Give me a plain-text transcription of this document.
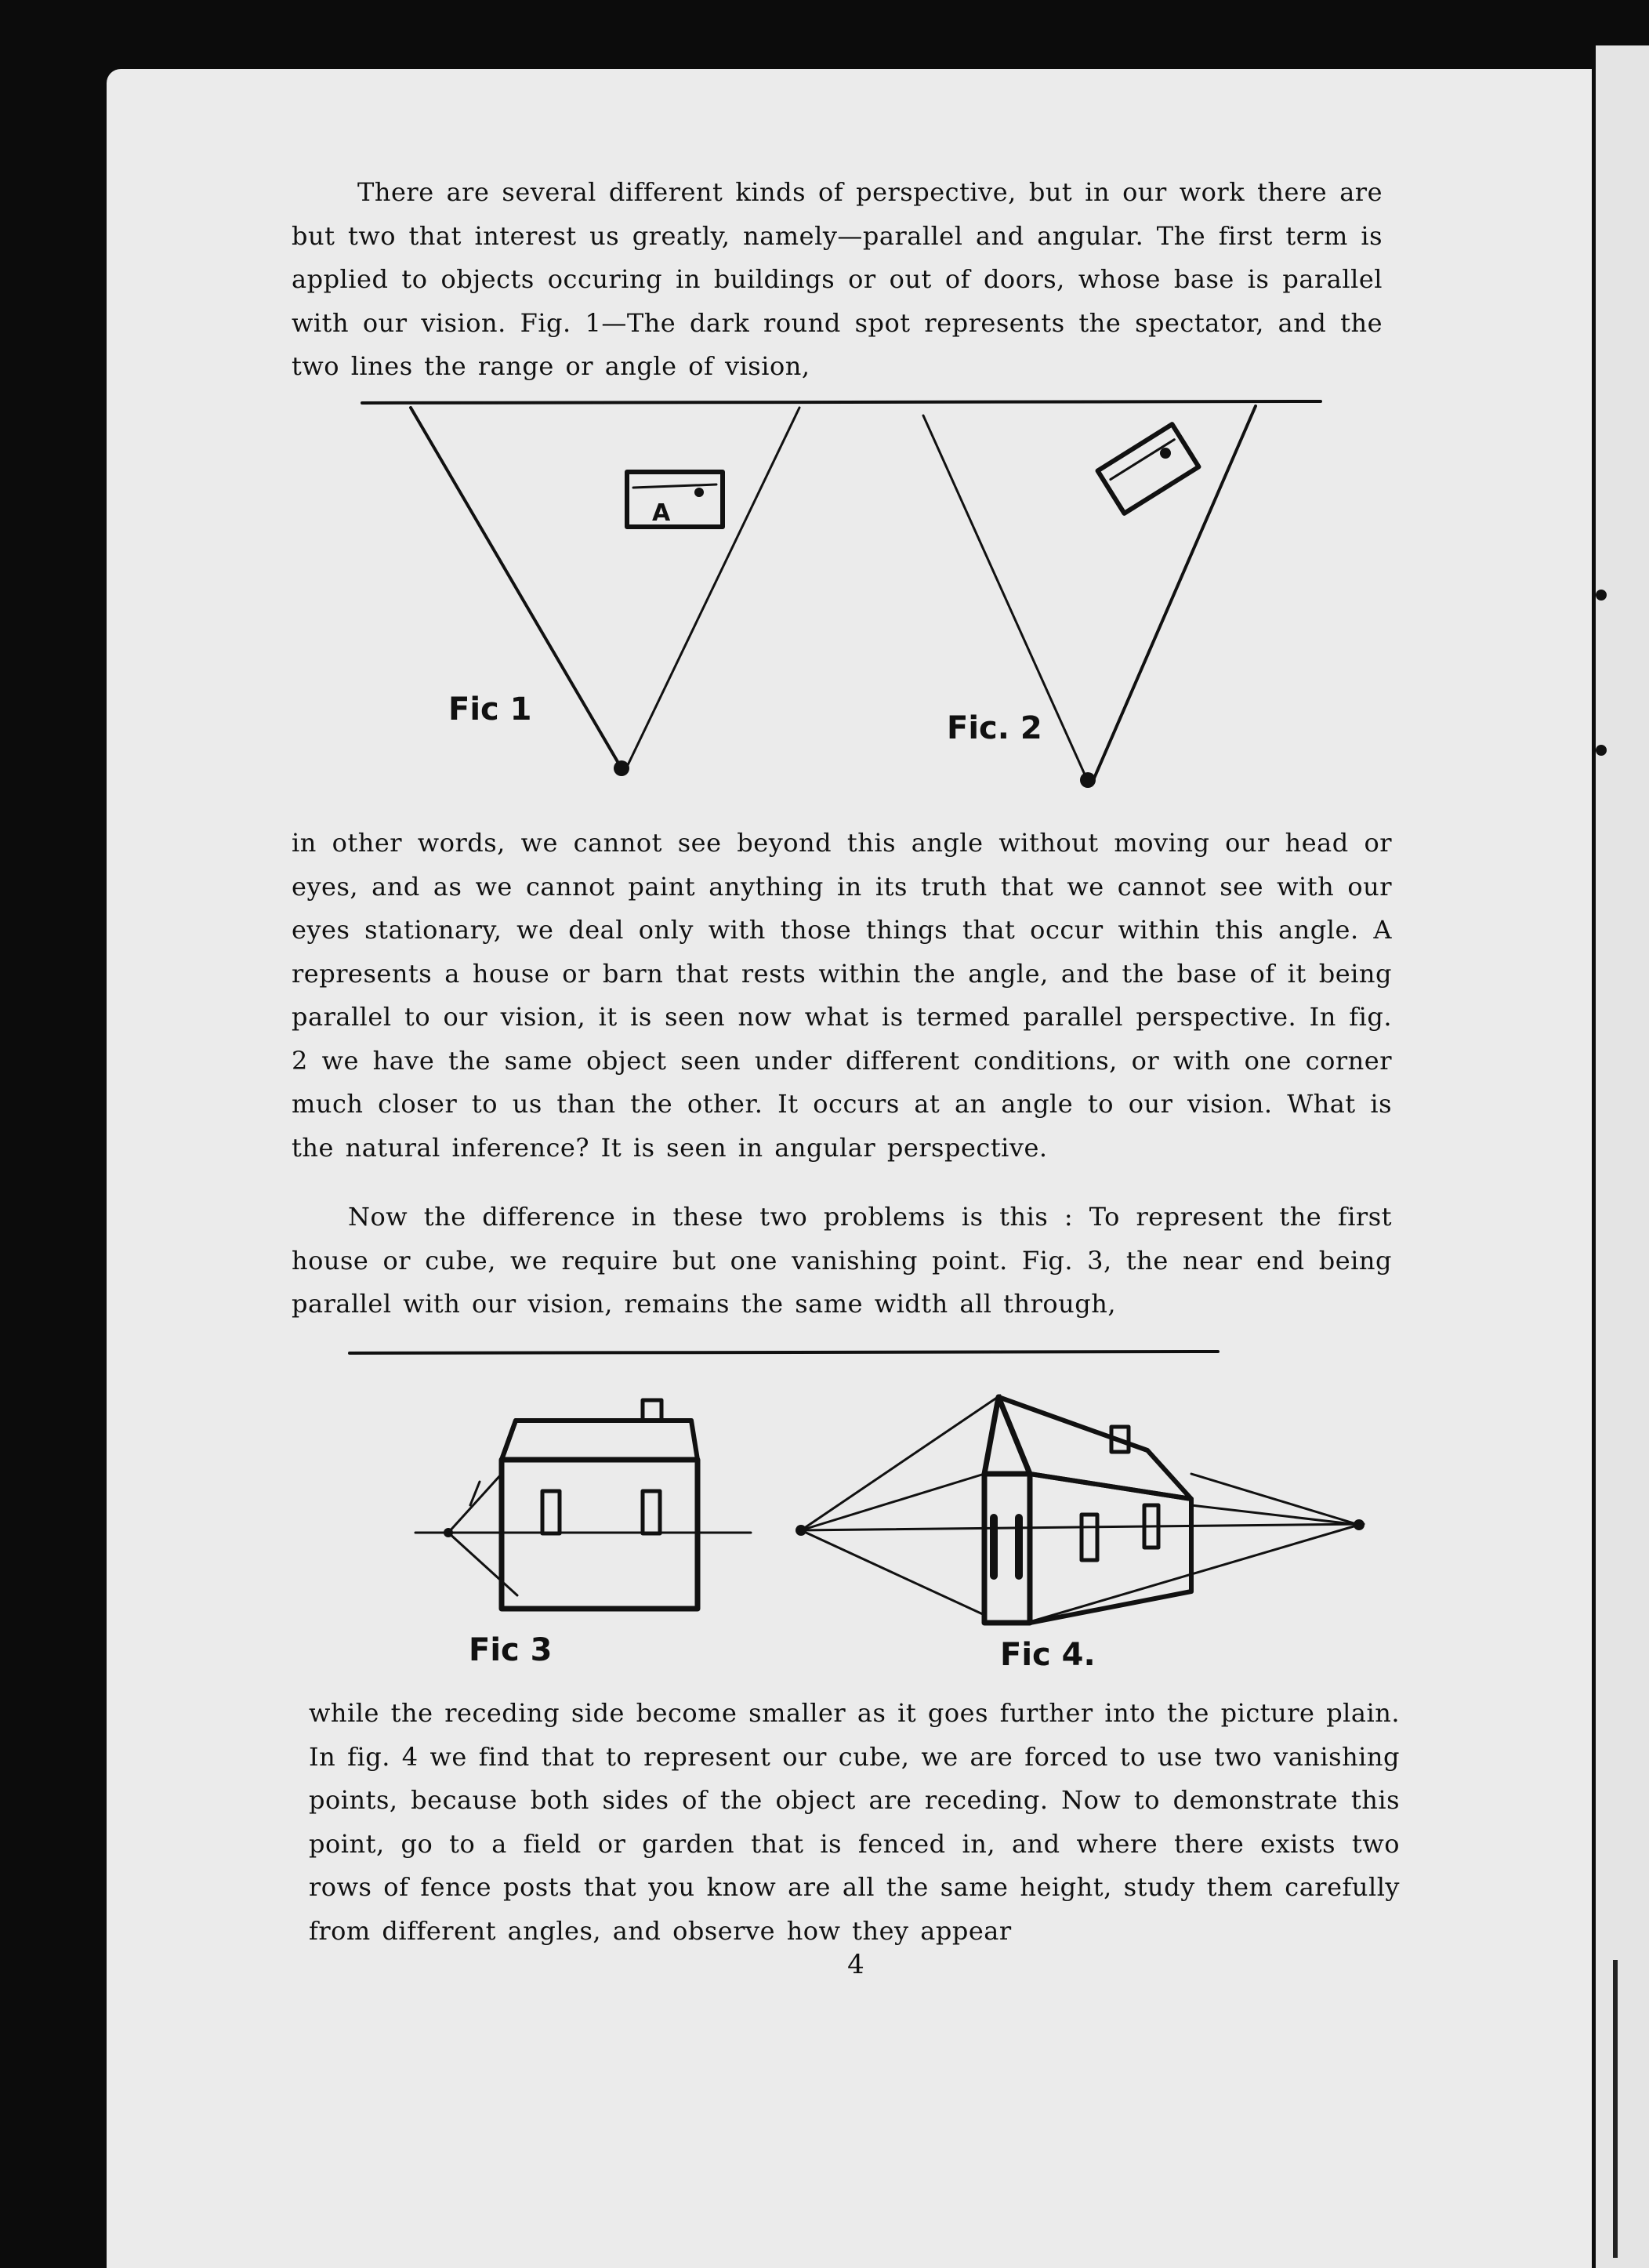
There are several different kinds of perspective, but in our work there are but two that interest us greatly, namely—parallel and angular. The first term is applied to objects occuring in buildings or out of doors, whose base is parallel with our vision. Fig. 1—The dark round spot represents the spectator, and the two lines the range or angle of vision,

A
Fic 1
Fic. 2

in other words, we cannot see beyond this angle without moving our head or eyes, and as we cannot paint anything in its truth that we cannot see with our eyes stationary, we deal only with those things that occur within this angle. A represents a house or barn that rests within the angle, and the base of it being parallel to our vision, it is seen now what is termed parallel perspective. In fig. 2 we have the same object seen under different conditions, or with one corner much closer to us than the other. It occurs at an angle to our vision. What is the natural inference? It is seen in angular perspective.

Now the difference in these two problems is this : To represent the first house or cube, we require but one vanishing point. Fig. 3, the near end being parallel with our vision, remains the same width all through,

Fic 3	Fic 4.

while the receding side become smaller as it goes further into the picture plain. In fig. 4 we find that to represent our cube, we are forced to use two vanishing points, because both sides of the object are receding. Now to demonstrate this point, go to a field or garden that is fenced in, and where there exists two rows of fence posts that you know are all the same height, study them carefully from different angles, and observe how they appear

4
